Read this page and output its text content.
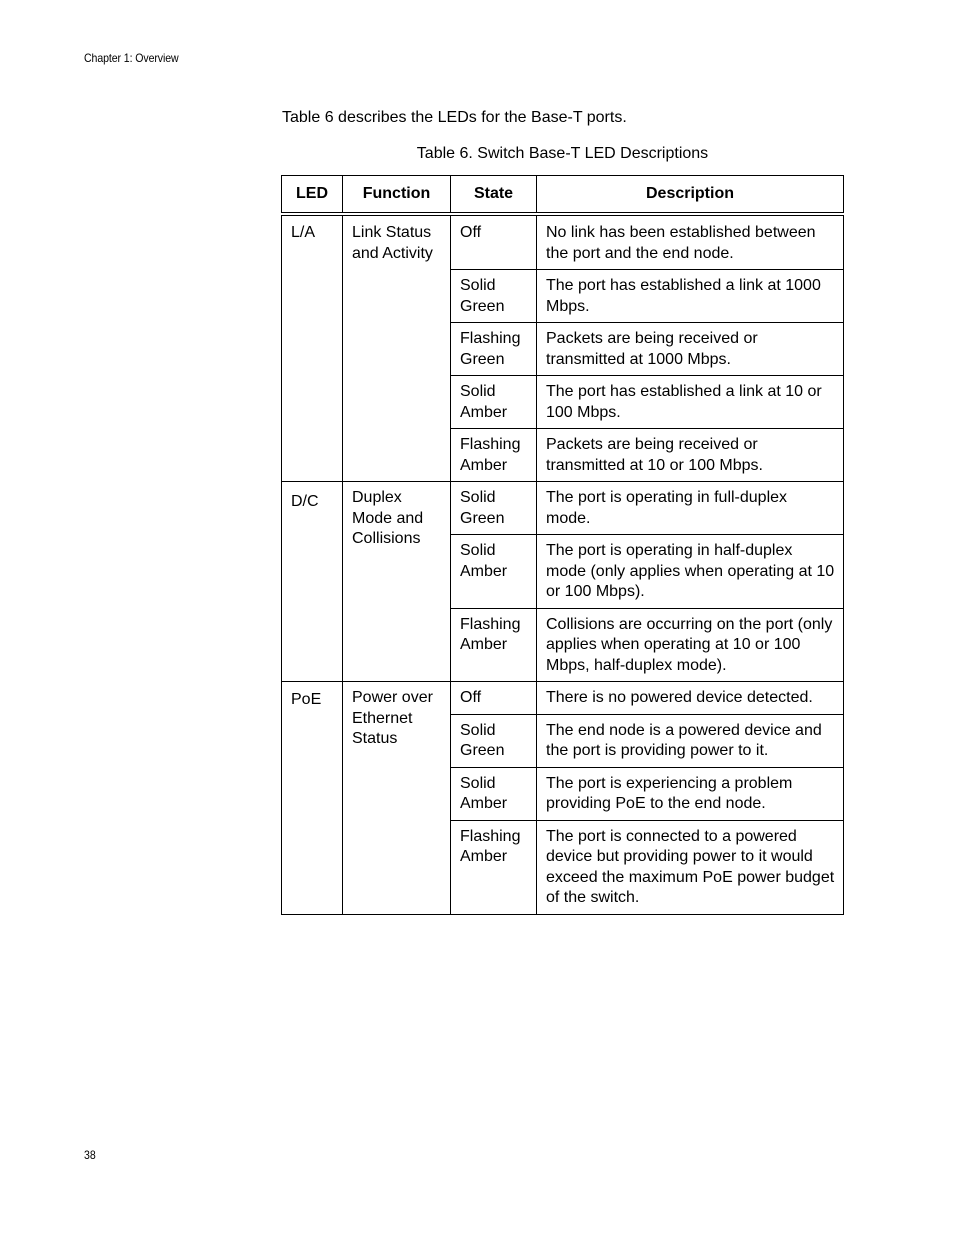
Chapter 1: Overview
Table 6 describes the LEDs for the Base-T ports.
Table 6. Switch Base-T LED Descriptions
LED	Function	State	Description
L/A	Link Status and Activity	Off	No link has been established between the port and the end node.
		Solid Green	The port has established a link at 1000 Mbps.
		Flashing Green	Packets are being received or transmitted at 1000 Mbps.
		Solid Amber	The port has established a link at 10 or 100 Mbps.
		Flashing Amber	Packets are being received or transmitted at 10 or 100 Mbps.
D/C	Duplex Mode and Collisions	Solid Green	The port is operating in full-duplex mode.
		Solid Amber	The port is operating in half-duplex mode (only applies when operating at 10 or 100 Mbps).
		Flashing Amber	Collisions are occurring on the port (only applies when operating at 10 or 100 Mbps, half-duplex mode).
PoE	Power over Ethernet Status	Off	There is no powered device detected.
		Solid Green	The end node is a powered device and the port is providing power to it.
		Solid Amber	The port is experiencing a problem providing PoE to the end node.
		Flashing Amber	The port is connected to a powered device but providing power to it would exceed the maximum PoE power budget of the switch.
38
